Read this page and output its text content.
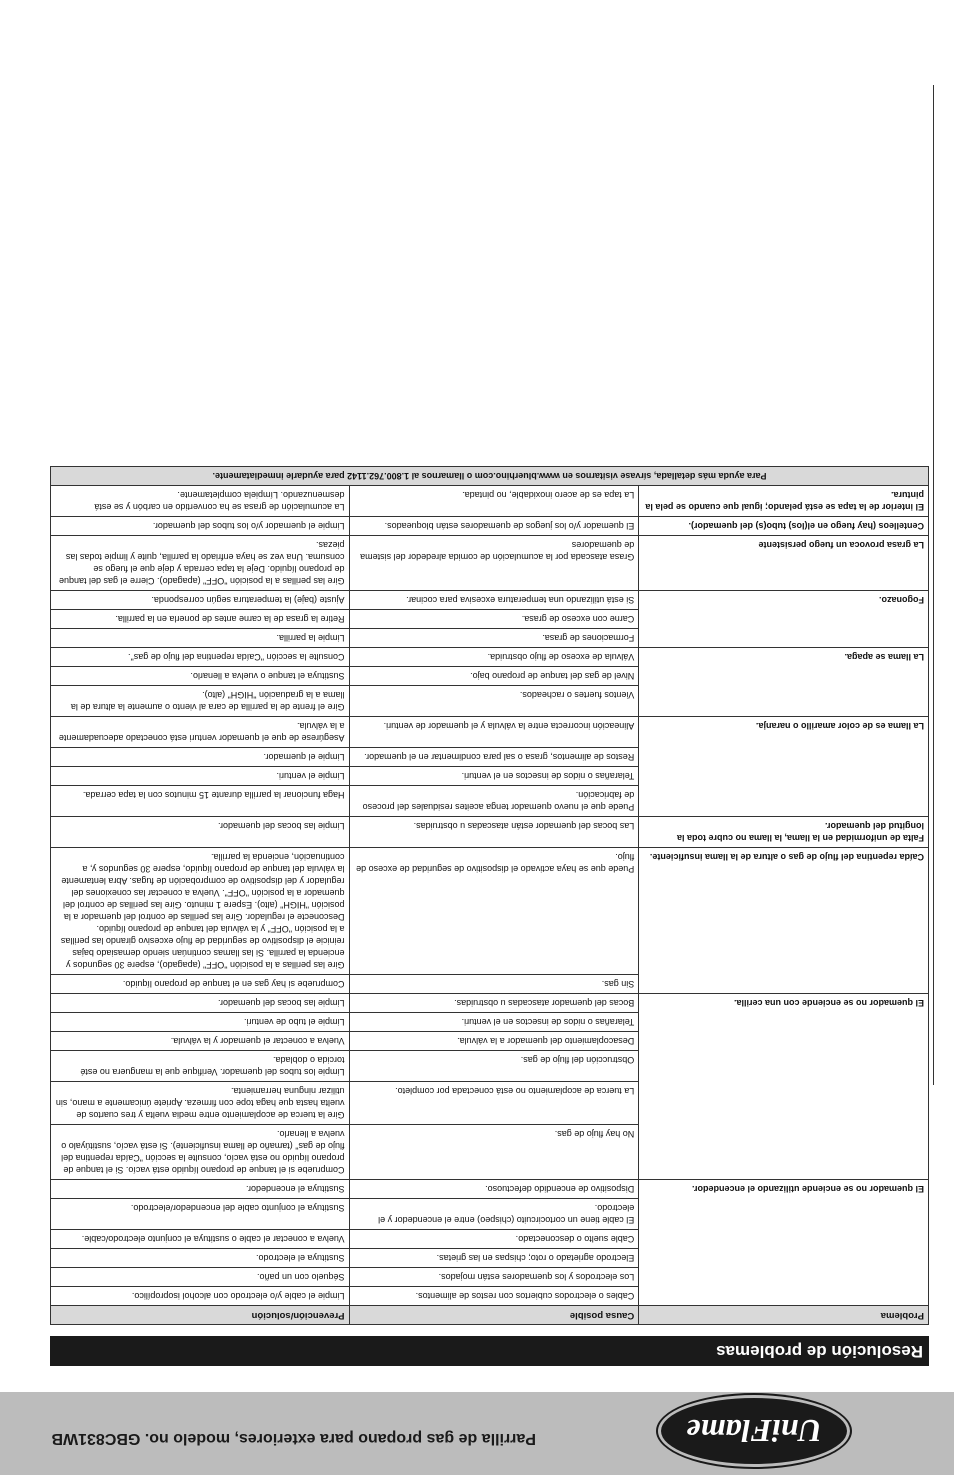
UniFlame
Parrilla de gas propano para exteriores, modelo no. GBC831WB
Resolución de problemas
Problema	Causa posible	Prevención/solución
El quemador no se enciende utilizando el encendedor.	Cables o electrodos cubiertos con restos de alimentos.	Limpie el cable y/o electrodo con alcohol isopropílico.
	Los electrodos y los quemadores están mojados.	Séquelo con un paño.
	Electrodo agrietado o roto; chispas en las grietas.	Sustituya el electrodo.
	Cable suelto o desconectado.	Vuelva a conectar el cable o sustituya el conjunto electrodo/cable.
	El cable tiene un cortocircuito (chispeo) entre el encendedor y el electrodo.	Sustituya el conjunto cable del encendedor/electrodo.
	Dispositivo de encendido defectuoso.	Sustituya el encendedor.
El quemador no se enciende con una cerilla.	No hay flujo de gas.	Compruebe si el tanque de propano líquido está vacío. Si el tanque de propano líquido no está vacío, consulte la sección "Caída repentina del flujo de gas" (tamaño de llama insuficiente). Si está vacío, sustitúyalo o vuelva a llenarlo.
	La tuerca de acoplamiento no está conectada por completo.	Gire la tuerca de acoplamiento entre media vuelta y tres cuartos de vuelta hasta que haga tope con firmeza. Apriete únicamente a mano, sin utilizar ninguna herramienta.
	Obstrucción del flujo de gas.	Limpie los tubos del quemador. Verifique que la manguera no esté torcida o doblada.
	Desacoplamiento del quemador a la válvula.	Vuelva a conectar el quemador y la válvula.
	Telarañas o nidos de insectos en el venturi.	Limpie el tubo de venturi.
	Bocas del quemador atascadas u obstruidas.	Limpie las bocas del quemador.
Caída repentina del flujo de gas o altura de la llama insuficiente.	Sin gas.	Compruebe si hay gas en el tanque de propano líquido.
	Puede que se haya activado el dispositivo de seguridad de exceso de flujo.	Gire las perillas a la posición "OFF" (apagado), espere 30 segundos y encienda la parrilla. Si las llamas continúan siendo demasiado bajas reinicie el dispositivo de seguridad de flujo excesivo girando las perillas a la posición "OFF" y la válvula del tanque de propano líquido. Desconecte el regulador. Gire las perillas de control del quemador a la posición "HIGH" (alto). Espere 1 minuto. Gire las perillas de control del quemador a la posición "OFF". Vuelva a conectar las conexiones del regulador y del dispositivo de comprobación de fugas. Abra lentamente la válvula del tanque de propano líquido, espere 30 segundos y, a continuación, encienda la parrilla.
Falta de uniformidad en la llama, la llama no cubre toda la longitud del quemador.	Las bocas del quemador están atascadas u obstruidas.	Limpie las bocas del quemador.
La llama es de color amarillo o naranja.	Puede que el nuevo quemador tenga aceites residuales del proceso de fabricación.	Haga funcionar la parrilla durante 15 minutos con la tapa cerrada.
	Telarañas o nidos de insectos en el venturi.	Limpie el venturi.
	Restos de alimentos, grasa o sal para condimentar en el quemador.	Limpie el quemador.
	Alineación incorrecta entre la válvula y el quemador de venturi.	Asegúrese de que el quemador venturi está conectado adecuadamente a la válvula.
La llama se apaga.	Vientos fuertes o racheados.	Gire el frente de la parrilla de cara al viento o aumente la altura de la llama a la graduación "HIGH" (alto).
	Nivel de gas del tanque de propano bajo.	Sustituya el tanque o vuelva a llenarlo.
	Válvula de exceso de flujo obstruida.	Consulte la sección "Caída repentina del flujo de gas".
Fogonazo.	Formaciones de grasa.	Limpie la parrilla.
	Carne con exceso de grasa.	Retire la grasa de la carne antes de ponerla en la parrilla.
	Si está utilizando una temperatura excesiva para cocinar.	Ajuste (baje) la temperatura según corresponda.
La grasa provoca un fuego persistente	Grasa atascada por la acumulación de comida alrededor del sistema de quemadores	Gire las perillas a la posición "OFF" (apagado). Cierre el gas del tanque de propano líquido. Deje la tapa cerrada y deje que el fuego se consuma. Una vez se haya enfriado la parrilla, quite y limpie todas las piezas.
Centelleos (hay fuego en el(los) tubo(s) del quemador).	El quemador y/o los juegos de quemadores están bloqueados.	Limpie el quemador y/o los tubos del quemador.
El interior de la tapa se está pelando; igual que cuando se pela la pintura.	La tapa es de acero inoxidable, no pintada.	La acumulación de grasa se ha convertido en carbón y se está desmenuzando. Límpiela completamente.
Para ayuda más detallada, sírvase visitarnos en www.bluerhino.com o llamarnos al 1.800.762.1142 para ayudarle inmediatamente.		
